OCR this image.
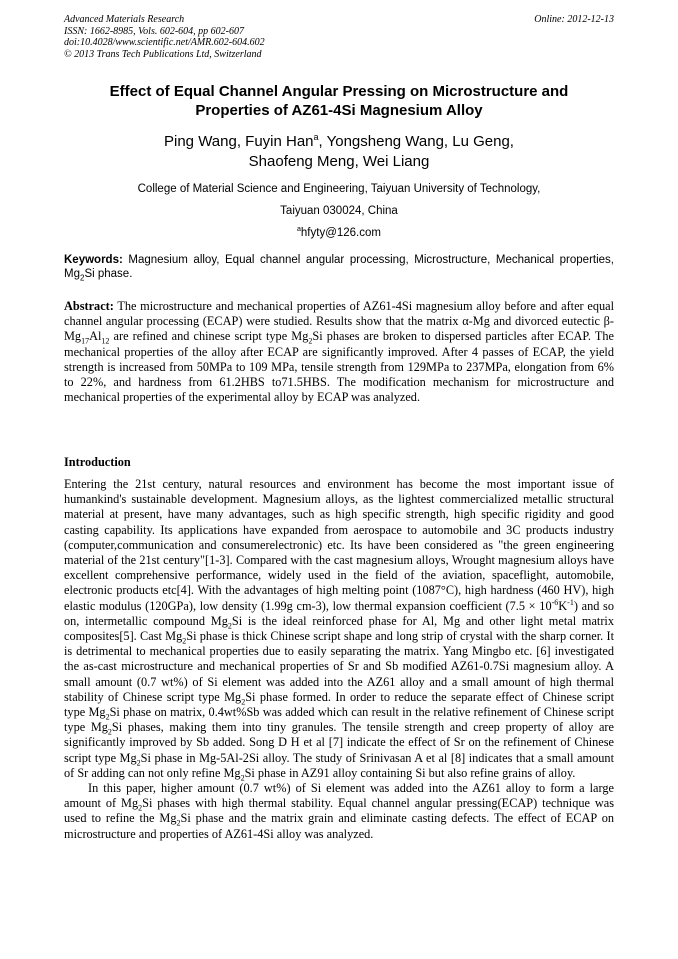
Advanced Materials Research
ISSN: 1662-8985, Vols. 602-604, pp 602-607
doi:10.4028/www.scientific.net/AMR.602-604.602
© 2013 Trans Tech Publications Ltd, Switzerland
Online: 2012-12-13
Effect of Equal Channel Angular Pressing on Microstructure and
Properties of AZ61-4Si Magnesium Alloy
Ping Wang, Fuyin Han$^a$, Yongsheng Wang, Lu Geng,
Shaofeng Meng, Wei Liang
College of Material Science and Engineering, Taiyuan University of Technology,
Taiyuan 030024, China
$^a$hfyty@126.com
Keywords: Magnesium alloy, Equal channel angular processing, Microstructure, Mechanical properties, $Mg_2Si$ phase.
Abstract: The microstructure and mechanical properties of AZ61-4Si magnesium alloy before and after equal channel angular processing (ECAP) were studied. Results show that the matrix α-Mg and divorced eutectic $\beta-Mg_{17}Al_{12}$ are refined and chinese script type $Mg_2Si$ phases are broken to dispersed particles after ECAP. The mechanical properties of the alloy after ECAP are significantly improved. After 4 passes of ECAP, the yield strength is increased from 50MPa to 109 MPa, tensile strength from 129MPa to 237MPa, elongation from 6% to 22%, and hardness from 61.2HBS to71.5HBS. The modification mechanism for microstructure and mechanical properties of the experimental alloy by ECAP was analyzed.
Introduction

Entering the 21st century, natural resources and environment has become the most important issue of humankind's sustainable development. Magnesium alloys, as the lightest commercialized metallic structural material at present, have many advantages, such as high specific strength, high specific rigidity and good casting capability. Its applications have expanded from aerospace to automobile and 3C products industry (computer,communication and consumerelectronic) etc. Its have been considered as "the green engineering material of the 21st century"[1-3]. Compared with the cast magnesium alloys, Wrought magnesium alloys have excellent comprehensive performance, widely used in the field of the aviation, spaceflight, automobile, electronic products etc[4]. With the advantages of high melting point (1087°C), high hardness (460 HV), high elastic modulus (120GPa), low density (1.99g cm-3), low thermal expansion coefficient $(7.5 \times 10^{-6}K^{-1})$ and so on, intermetallic compound $Mg_2Si$ is the ideal reinforced phase for Al, Mg and other light metal matrix composites[5]. Cast $Mg_2Si$ phase is thick Chinese script shape and long strip of crystal with the sharp corner. It is detrimental to mechanical properties due to easily separating the matrix. Yang Mingbo etc. [6] investigated the as-cast microstructure and mechanical properties of Sr and Sb modified AZ61-0.7Si magnesium alloy. A small amount (0.7 wt%) of Si element was added into the AZ61 alloy and a small amount of high thermal stability of Chinese script type $Mg_2Si$ phase formed. In order to reduce the separate effect of Chinese script type $Mg_2Si$ phase on matrix, 0.4wt%Sb was added which can result in the relative refinement of Chinese script type $Mg_2Si$ phases, making them into tiny granules. The tensile strength and creep property of alloy are significantly improved by Sb added. Song D H et al [7] indicate the effect of Sr on the refinement of Chinese script type $Mg_2Si$ phase in Mg-5Al-2Si alloy. The study of Srinivasan A et al [8] indicates that a small amount of Sr adding can not only refine $Mg_2Si$ phase in AZ91 alloy containing Si but also refine grains of alloy.

In this paper, higher amount (0.7 wt%) of Si element was added into the AZ61 alloy to form a large amount of $Mg_2Si$ phases with high thermal stability. Equal channel angular pressing(ECAP) technique was used to refine the $Mg_2Si$ phase and the matrix grain and eliminate casting defects. The effect of ECAP on microstructure and properties of AZ61-4Si alloy was analyzed.
